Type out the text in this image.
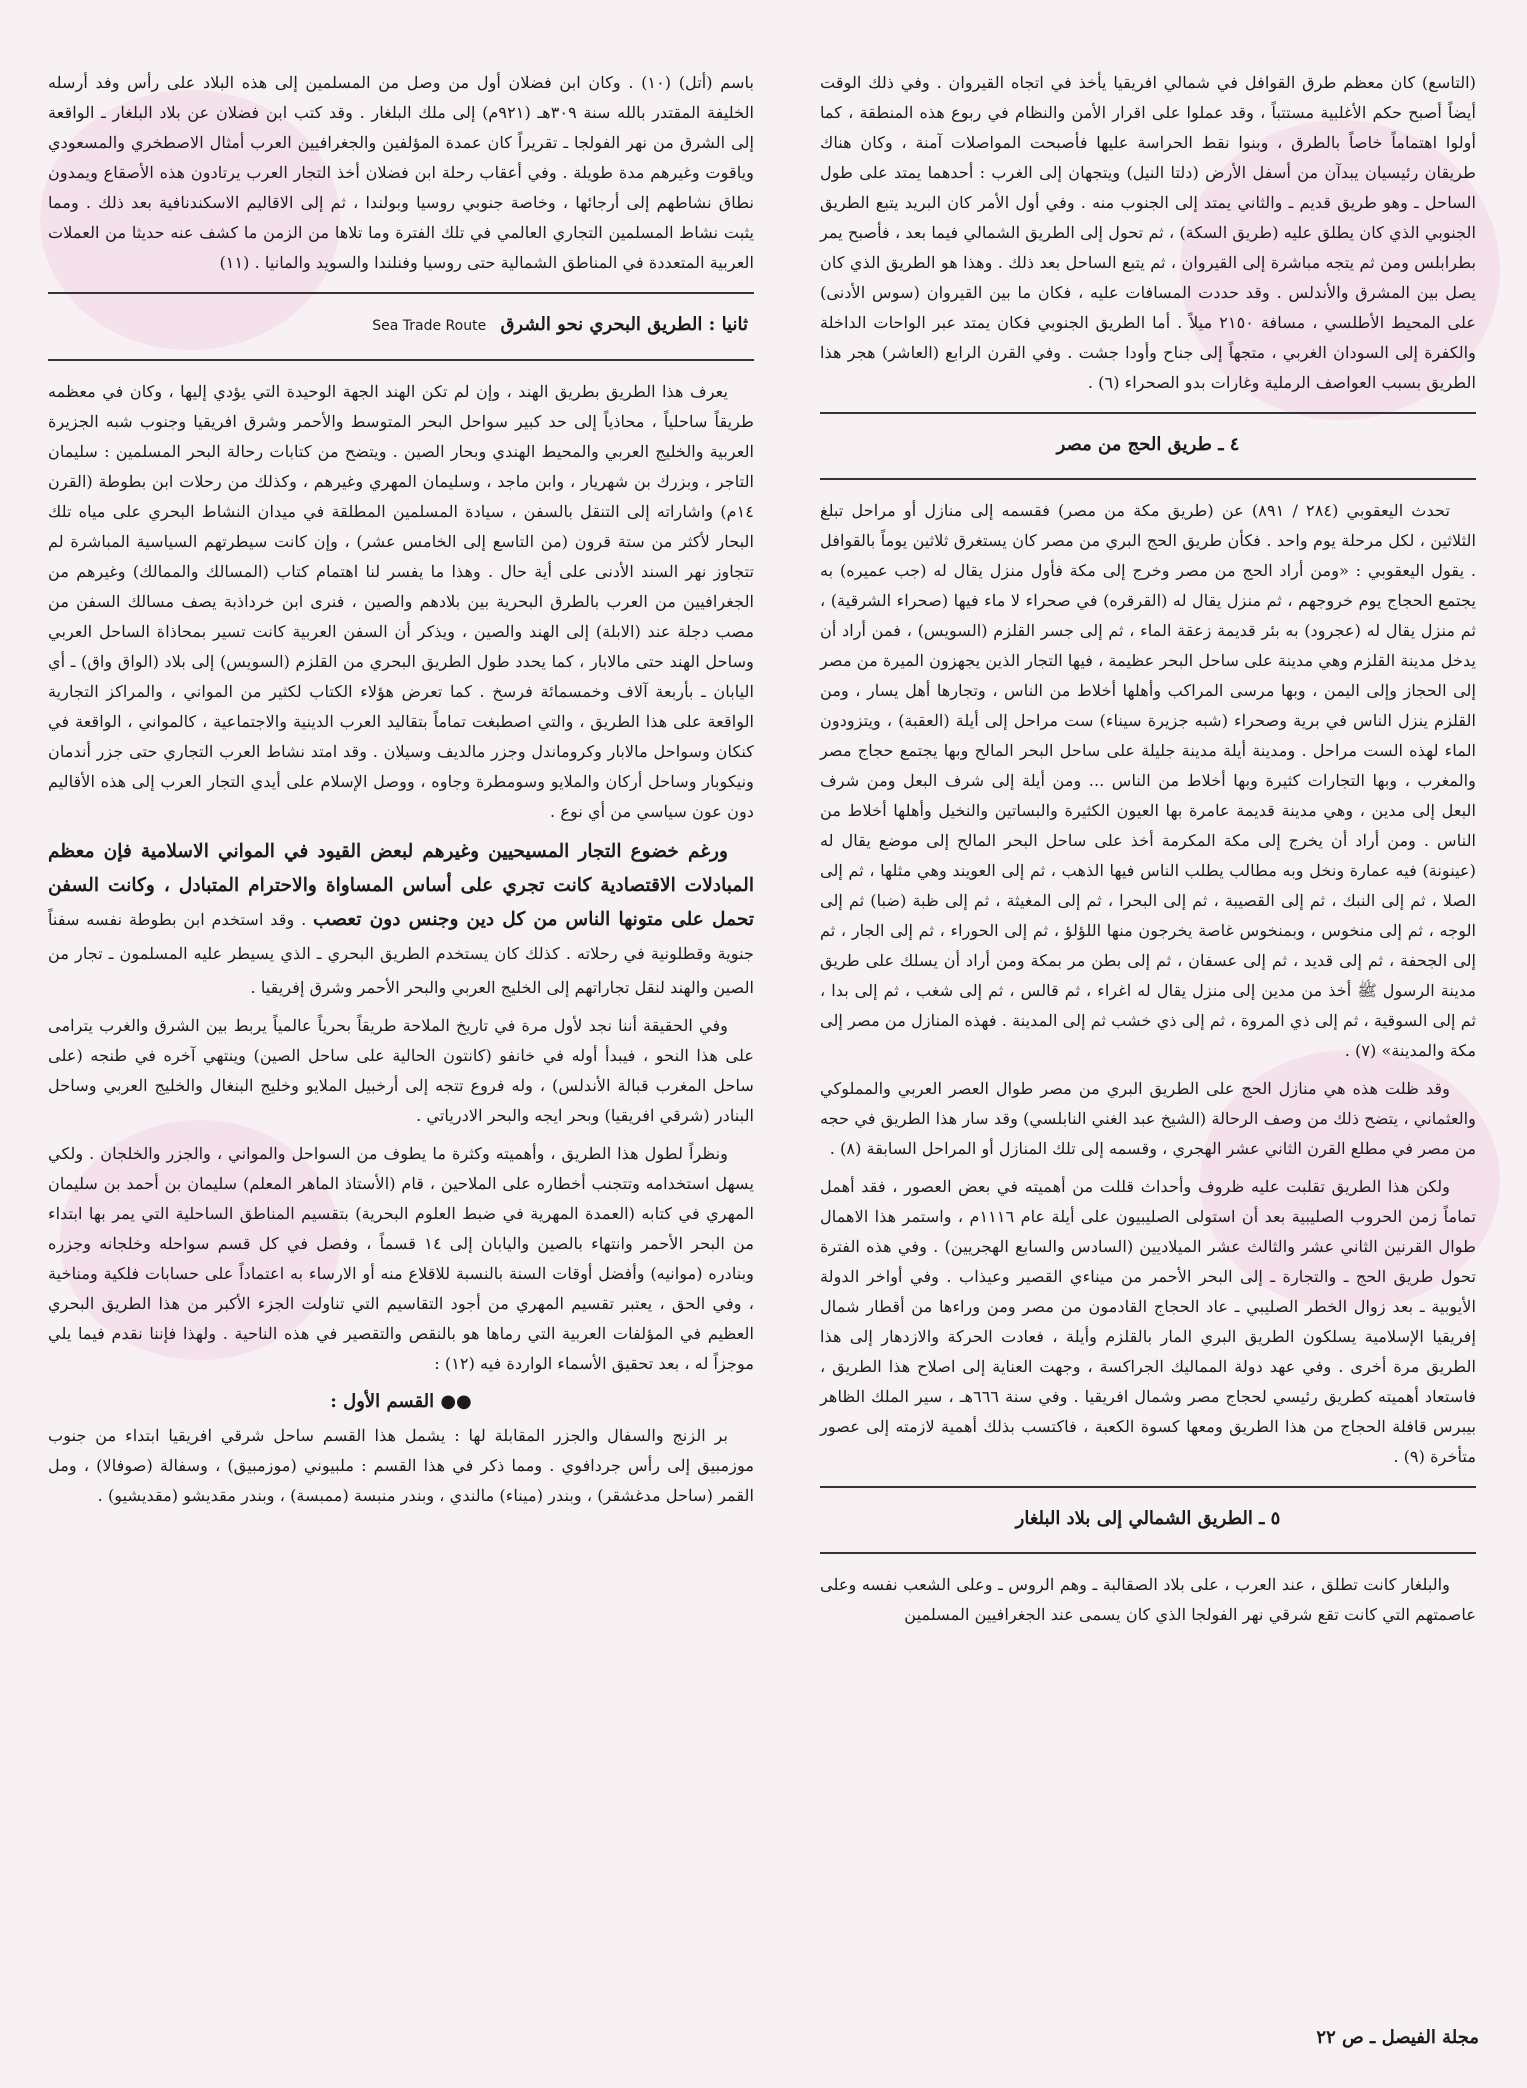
(التاسع) كان معظم طرق القوافل في شمالي افريقيا يأخذ في اتجاه القيروان . وفي ذلك الوقت أيضاً أصبح حكم الأغلبية مستتباً ، وقد عملوا على اقرار الأمن والنظام في ربوع هذه المنطقة ، كما أولوا اهتماماً خاصاً بالطرق ، وبنوا نقط الحراسة عليها فأصبحت المواصلات آمنة ، وكان هناك طريقان رئيسيان يبدآن من أسفل الأرض (دلتا النيل) ويتجهان إلى الغرب : أحدهما يمتد على طول الساحل ـ وهو طريق قديم ـ والثاني يمتد إلى الجنوب منه . وفي أول الأمر كان البريد يتبع الطريق الجنوبي الذي كان يطلق عليه (طريق السكة) ، ثم تحول إلى الطريق الشمالي فيما بعد ، فأصبح يمر بطرابلس ومن ثم يتجه مباشرة إلى القيروان ، ثم يتبع الساحل بعد ذلك . وهذا هو الطريق الذي كان يصل بين المشرق والأندلس . وقد حددت المسافات عليه ، فكان ما بين القيروان (سوس الأدنى) على المحيط الأطلسي ، مسافة ٢١٥٠ ميلاً . أما الطريق الجنوبي فكان يمتد عبر الواحات الداخلة والكفرة إلى السودان الغربي ، متجهاً إلى جناح وأودا جشت . وفي القرن الرابع (العاشر) هجر هذا الطريق بسبب العواصف الرملية وغارات بدو الصحراء (٦) .

٤ ـ طريق الحج من مصر

تحدث اليعقوبي (٢٨٤ / ٨٩١) عن (طريق مكة من مصر) فقسمه إلى منازل أو مراحل تبلغ الثلاثين ، لكل مرحلة يوم واحد . فكأن طريق الحج البري من مصر كان يستغرق ثلاثين يوماً بالقوافل . يقول اليعقوبي : «ومن أراد الحج من مصر وخرج إلى مكة فأول منزل يقال له (جب عميره) به يجتمع الحجاج يوم خروجهم ، ثم منزل يقال له (القرقره) في صحراء لا ماء فيها (صحراء الشرقية) ، ثم منزل يقال له (عجرود) به بئر قديمة زعقة الماء ، ثم إلى جسر القلزم (السويس) ، فمن أراد أن يدخل مدينة القلزم وهي مدينة على ساحل البحر عظيمة ، فيها التجار الذين يجهزون الميرة من مصر إلى الحجاز وإلى اليمن ، وبها مرسى المراكب وأهلها أخلاط من الناس ، وتجارها أهل يسار ، ومن القلزم ينزل الناس في برية وصحراء (شبه جزيرة سيناء) ست مراحل إلى أيلة (العقبة) ، ويتزودون الماء لهذه الست مراحل . ومدينة أيلة مدينة جليلة على ساحل البحر المالح وبها يجتمع حجاج مصر والمغرب ، وبها التجارات كثيرة وبها أخلاط من الناس ... ومن أيلة إلى شرف البعل ومن شرف البعل إلى مدين ، وهي مدينة قديمة عامرة بها العيون الكثيرة والبساتين والنخيل وأهلها أخلاط من الناس . ومن أراد أن يخرج إلى مكة المكرمة أخذ على ساحل البحر المالح إلى موضع يقال له (عينونة) فيه عمارة ونخل وبه مطالب يطلب الناس فيها الذهب ، ثم إلى العويند وهي مثلها ، ثم إلى الصلا ، ثم إلى النبك ، ثم إلى القصيبة ، ثم إلى البحرا ، ثم إلى المغيثة ، ثم إلى ظبة (ضبا) ثم إلى الوجه ، ثم إلى منخوس ، وبمنخوس غاصة يخرجون منها اللؤلؤ ، ثم إلى الحوراء ، ثم إلى الجار ، ثم إلى الجحفة ، ثم إلى قديد ، ثم إلى عسفان ، ثم إلى بطن مر بمكة ومن أراد أن يسلك على طريق مدينة الرسول ﷺ أخذ من مدين إلى منزل يقال له اغراء ، ثم قالس ، ثم إلى شغب ، ثم إلى بدا ، ثم إلى السوقية ، ثم إلى ذي المروة ، ثم إلى ذي خشب ثم إلى المدينة . فهذه المنازل من مصر إلى مكة والمدينة» (٧) .

وقد ظلت هذه هي منازل الحج على الطريق البري من مصر طوال العصر العربي والمملوكي والعثماني ، يتضح ذلك من وصف الرحالة (الشيخ عبد الغني النابلسي) وقد سار هذا الطريق في حجه من مصر في مطلع القرن الثاني عشر الهجري ، وقسمه إلى تلك المنازل أو المراحل السابقة (٨) .

ولكن هذا الطريق تقلبت عليه ظروف وأحداث قللت من أهميته في بعض العصور ، فقد أهمل تماماً زمن الحروب الصليبية بعد أن استولى الصليبيون على أيلة عام ١١١٦م ، واستمر هذا الاهمال طوال القرنين الثاني عشر والثالث عشر الميلاديين (السادس والسابع الهجريين) . وفي هذه الفترة تحول طريق الحج ـ والتجارة ـ إلى البحر الأحمر من ميناءي القصير وعيذاب . وفي أواخر الدولة الأيوبية ـ بعد زوال الخطر الصليبي ـ عاد الحجاج القادمون من مصر ومن وراءها من أقطار شمال إفريقيا الإسلامية يسلكون الطريق البري المار بالقلزم وأيلة ، فعادت الحركة والازدهار إلى هذا الطريق مرة أخرى . وفي عهد دولة المماليك الجراكسة ، وجهت العناية إلى اصلاح هذا الطريق ، فاستعاد أهميته كطريق رئيسي لحجاج مصر وشمال افريقيا . وفي سنة ٦٦٦هـ ، سير الملك الظاهر بيبرس قافلة الحجاج من هذا الطريق ومعها كسوة الكعبة ، فاكتسب بذلك أهمية لازمته إلى عصور متأخرة (٩) .

٥ ـ الطريق الشمالي إلى بلاد البلغار

والبلغار كانت تطلق ، عند العرب ، على بلاد الصقالبة ـ وهم الروس ـ وعلى الشعب نفسه وعلى عاصمتهم التي كانت تقع شرقي نهر الفولجا الذي كان يسمى عند الجغرافيين المسلمين

باسم (أتل) (١٠) . وكان ابن فضلان أول من وصل من المسلمين إلى هذه البلاد على رأس وفد أرسله الخليفة المقتدر بالله سنة ٣٠٩هـ (٩٢١م) إلى ملك البلغار . وقد كتب ابن فضلان عن بلاد البلغار ـ الواقعة إلى الشرق من نهر الفولجا ـ تقريراً كان عمدة المؤلفين والجغرافيين العرب أمثال الاصطخري والمسعودي وياقوت وغيرهم مدة طويلة . وفي أعقاب رحلة ابن فضلان أخذ التجار العرب يرتادون هذه الأصقاع ويمدون نطاق نشاطهم إلى أرجائها ، وخاصة جنوبي روسيا وبولندا ، ثم إلى الاقاليم الاسكندنافية بعد ذلك . ومما يثبت نشاط المسلمين التجاري العالمي في تلك الفترة وما تلاها من الزمن ما كشف عنه حديثا من العملات العربية المتعددة في المناطق الشمالية حتى روسيا وفنلندا والسويد والمانيا . (١١)

ثانيا : الطريق البحري نحو الشرق Sea Trade Route

يعرف هذا الطريق بطريق الهند ، وإن لم تكن الهند الجهة الوحيدة التي يؤدي إليها ، وكان في معظمه طريقاً ساحلياً ، محاذياً إلى حد كبير سواحل البحر المتوسط والأحمر وشرق افريقيا وجنوب شبه الجزيرة العربية والخليج العربي والمحيط الهندي وبحار الصين . ويتضح من كتابات رحالة البحر المسلمين : سليمان التاجر ، وبزرك بن شهريار ، وابن ماجد ، وسليمان المهري وغيرهم ، وكذلك من رحلات ابن بطوطة (القرن ١٤م) واشاراته إلى التنقل بالسفن ، سيادة المسلمين المطلقة في ميدان النشاط البحري على مياه تلك البحار لأكثر من ستة قرون (من التاسع إلى الخامس عشر) ، وإن كانت سيطرتهم السياسية المباشرة لم تتجاوز نهر السند الأدنى على أية حال . وهذا ما يفسر لنا اهتمام كتاب (المسالك والممالك) وغيرهم من الجغرافيين من العرب بالطرق البحرية بين بلادهم والصين ، فنرى ابن خرداذبة يصف مسالك السفن من مصب دجلة عند (الابلة) إلى الهند والصين ، ويذكر أن السفن العربية كانت تسير بمحاذاة الساحل العربي وساحل الهند حتى مالابار ، كما يحدد طول الطريق البحري من القلزم (السويس) إلى بلاد (الواق واق) ـ أي اليابان ـ بأربعة آلاف وخمسمائة فرسخ . كما تعرض هؤلاء الكتاب لكثير من المواني ، والمراكز التجارية الواقعة على هذا الطريق ، والتي اصطبغت تماماً بتقاليد العرب الدينية والاجتماعية ، كالمواني ، الواقعة في كنكان وسواحل مالابار وكروماندل وجزر مالديف وسيلان . وقد امتد نشاط العرب التجاري حتى جزر أندمان ونيكوبار وساحل أركان والملايو وسومطرة وجاوه ، ووصل الإسلام على أيدي التجار العرب إلى هذه الأقاليم دون عون سياسي من أي نوع .

ورغم خضوع التجار المسيحيين وغيرهم لبعض القيود في المواني الاسلامية فإن معظم المبادلات الاقتصادية كانت تجري على أساس المساواة والاحترام المتبادل ، وكانت السفن تحمل على متونها الناس من كل دين وجنس دون تعصب . وقد استخدم ابن بطوطة نفسه سفناً جنوية وقطلونية في رحلاته . كذلك كان يستخدم الطريق البحري ـ الذي يسيطر عليه المسلمون ـ تجار من الصين والهند لنقل تجاراتهم إلى الخليج العربي والبحر الأحمر وشرق إفريقيا .

وفي الحقيقة أننا نجد لأول مرة في تاريخ الملاحة طريقاً بحرياً عالمياً يربط بين الشرق والغرب يترامى على هذا النحو ، فيبدأ أوله في خانفو (كانتون الحالية على ساحل الصين) وينتهي آخره في طنجه (على ساحل المغرب قبالة الأندلس) ، وله فروع تتجه إلى أرخبيل الملايو وخليج البنغال والخليج العربي وساحل البنادر (شرقي افريقيا) وبحر ايجه والبحر الادرياتي .

ونظراً لطول هذا الطريق ، وأهميته وكثرة ما يطوف من السواحل والمواني ، والجزر والخلجان . ولكي يسهل استخدامه وتتجنب أخطاره على الملاحين ، قام (الأستاذ الماهر المعلم) سليمان بن أحمد بن سليمان المهري في كتابه (العمدة المهرية في ضبط العلوم البحرية) بتقسيم المناطق الساحلية التي يمر بها ابتداء من البحر الأحمر وانتهاء بالصين واليابان إلى ١٤ قسماً ، وفصل في كل قسم سواحله وخلجانه وجزره وبنادره (موانيه) وأفضل أوقات السنة بالنسبة للاقلاع منه أو الارساء به اعتماداً على حسابات فلكية ومناخية ، وفي الحق ، يعتبر تقسيم المهري من أجود التقاسيم التي تناولت الجزء الأكبر من هذا الطريق البحري العظيم في المؤلفات العربية التي رماها هو بالنقص والتقصير في هذه الناحية . ولهذا فإننا نقدم فيما يلي موجزاً له ، بعد تحقيق الأسماء الواردة فيه (١٢) :

●● القسم الأول :

بر الزنج والسفال والجزر المقابلة لها : يشمل هذا القسم ساحل شرقي افريقيا ابتداء من جنوب موزمبيق إلى رأس جردافوي . ومما ذكر في هذا القسم : ملبيوني (موزمبيق) ، وسفالة (صوفالا) ، ومل القمر (ساحل مدغشقر) ، وبندر (ميناء) مالندي ، وبندر منبسة (ممبسة) ، وبندر مقديشو (مقديشيو) .

مجلة الفيصل ـ ص ٢٢
